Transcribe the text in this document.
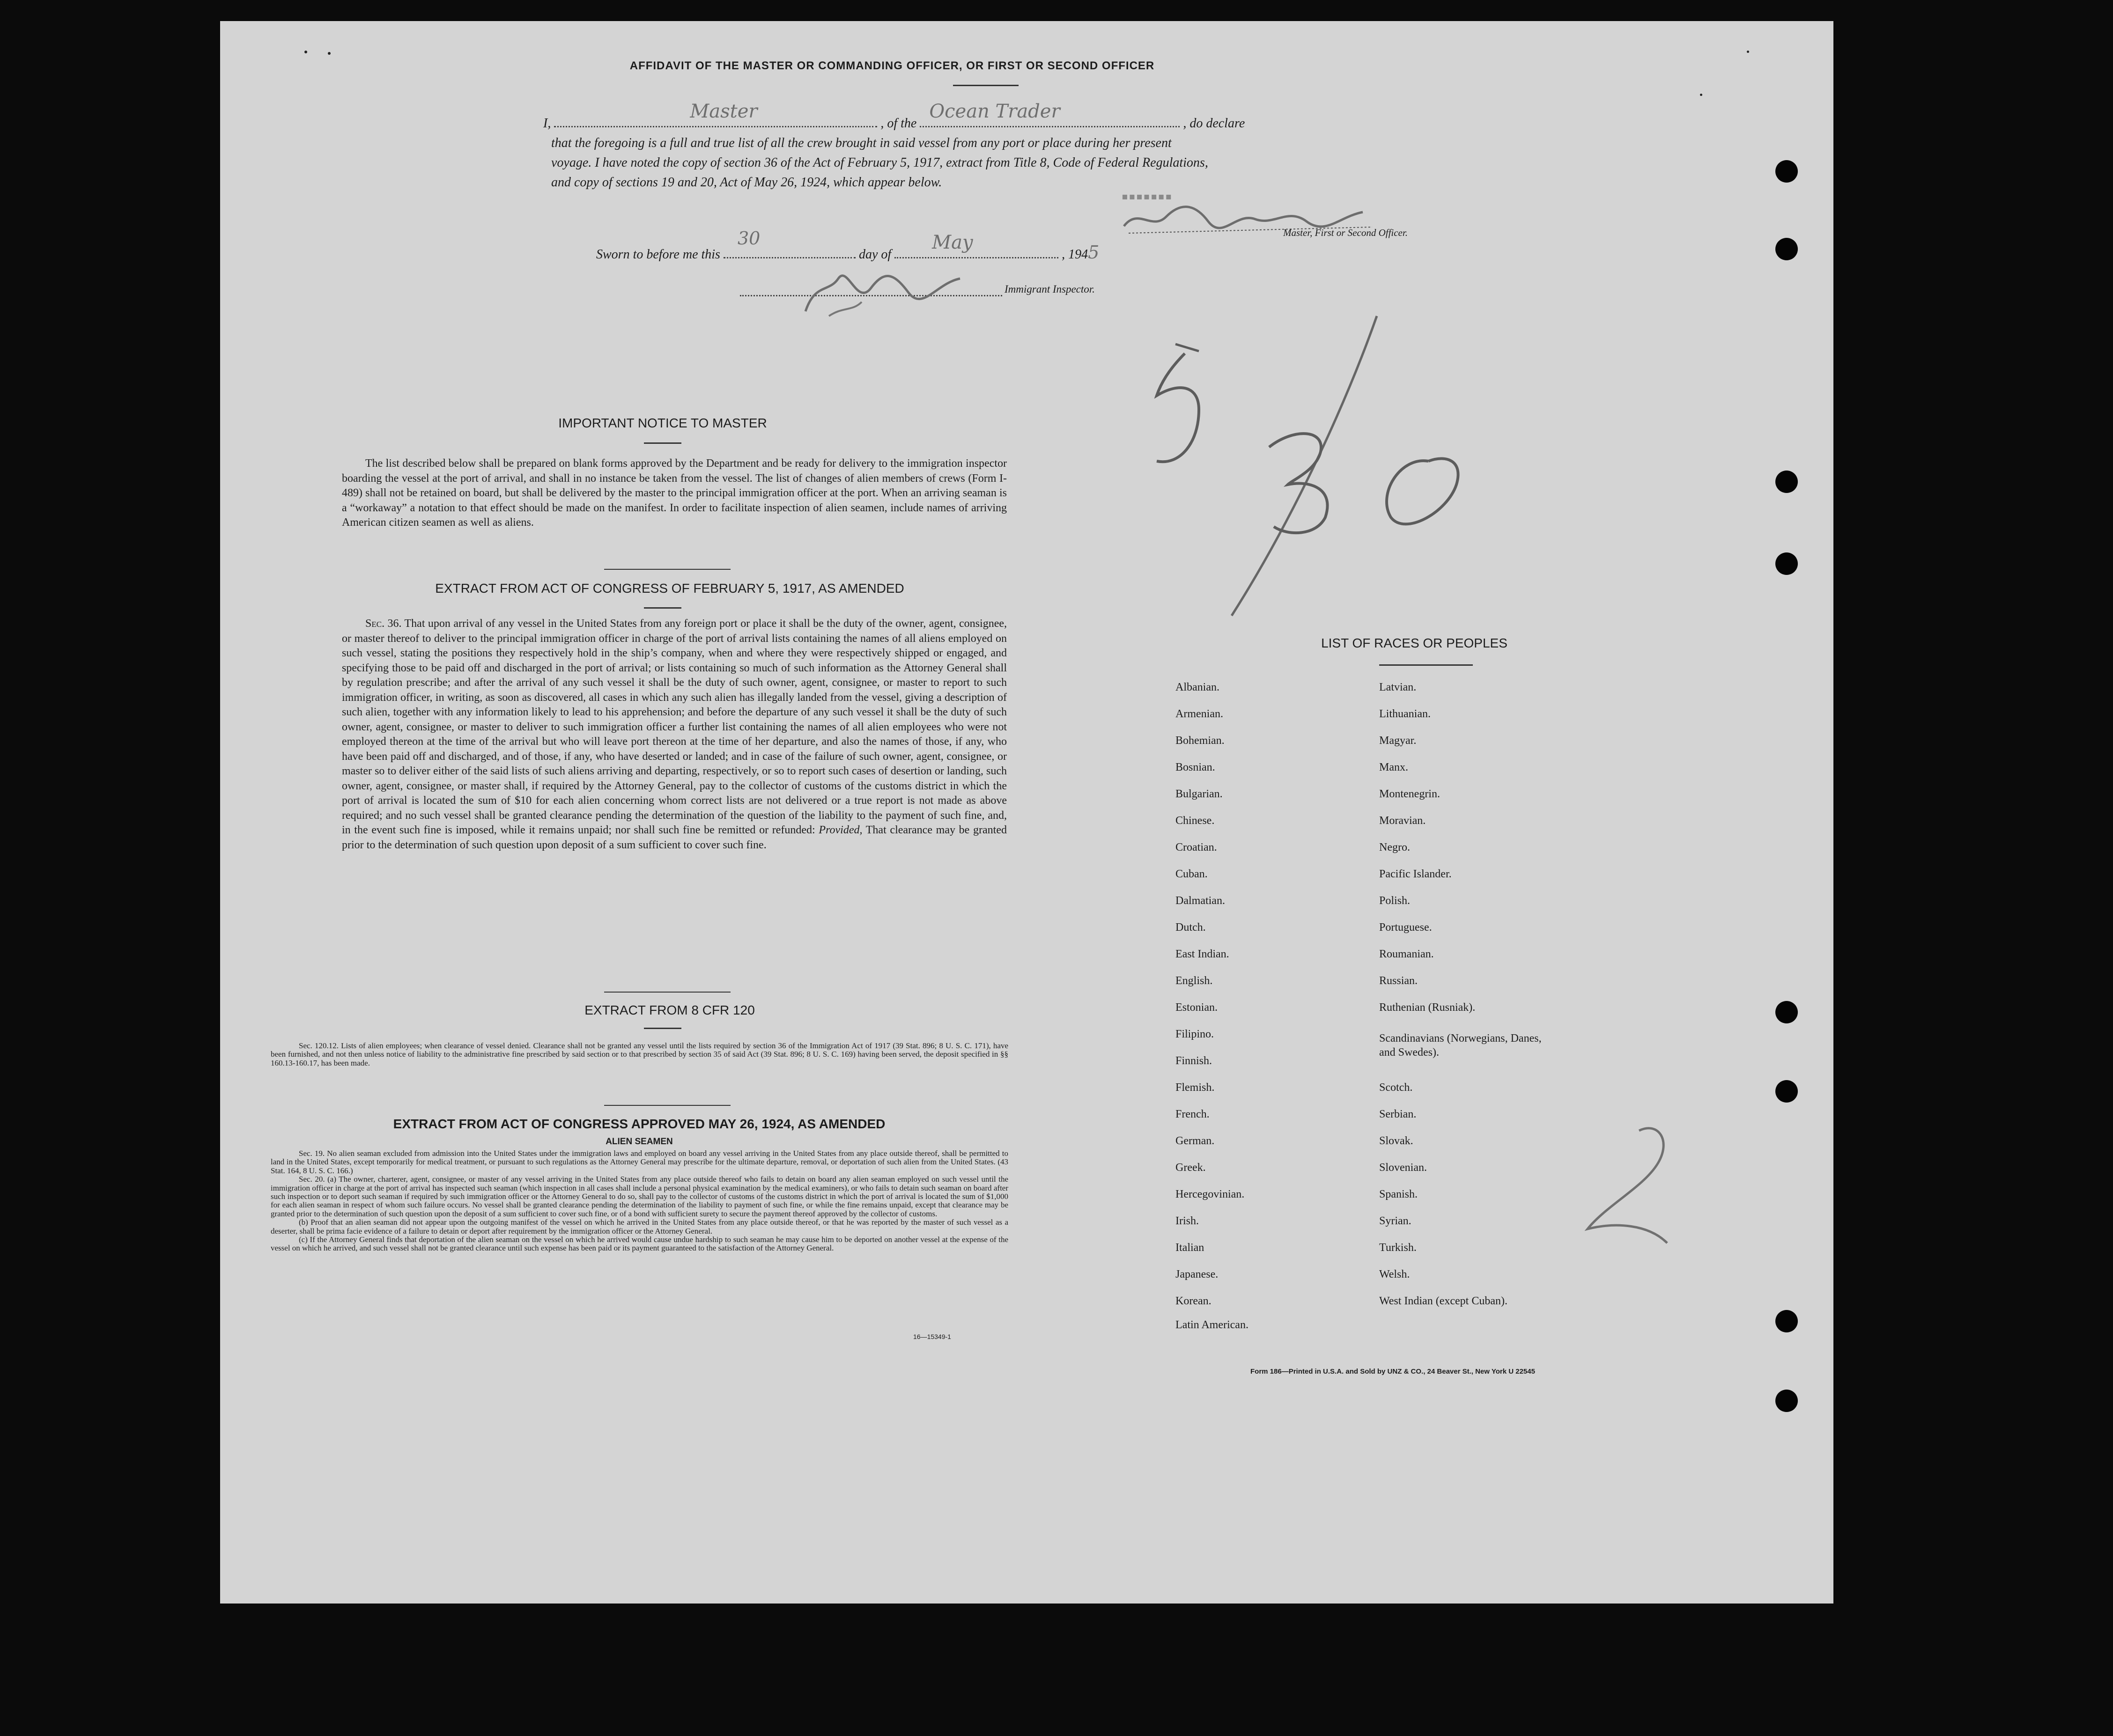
AFFIDAVIT OF THE MASTER OR COMMANDING OFFICER, OR FIRST OR SECOND OFFICER
I,
Master
, of the
Ocean Trader
, do declare
that the foregoing is a full and true list of all the crew brought in said vessel from any port or place during her present
voyage. I have noted the copy of section 36 of the Act of February 5, 1917, extract from Title 8, Code of Federal Regulations,
and copy of sections 19 and 20, Act of May 26, 1924, which appear below.
▪▪▪▪▪▪▪
Master, First or Second Officer.
Sworn to before me this
30
day of
May
, 1945
Immigrant Inspector.
IMPORTANT NOTICE TO MASTER
The list described below shall be prepared on blank forms approved by the Department and be ready for delivery to the immigration inspector boarding the vessel at the port of arrival, and shall in no instance be taken from the vessel. The list of changes of alien members of crews (Form I-489) shall not be retained on board, but shall be delivered by the master to the principal immigration officer at the port. When an arriving seaman is a “workaway” a notation to that effect should be made on the manifest. In order to facilitate inspection of alien seamen, include names of arriving American citizen seamen as well as aliens.
EXTRACT FROM ACT OF CONGRESS OF FEBRUARY 5, 1917, AS AMENDED
Sec. 36. That upon arrival of any vessel in the United States from any foreign port or place it shall be the duty of the owner, agent, consignee, or master thereof to deliver to the principal immigration officer in charge of the port of arrival lists containing the names of all aliens employed on such vessel, stating the positions they respectively hold in the ship’s company, when and where they were respectively shipped or engaged, and specifying those to be paid off and discharged in the port of arrival; or lists containing so much of such information as the Attorney General shall by regulation prescribe; and after the arrival of any such vessel it shall be the duty of such owner, agent, consignee, or master to report to such immigration officer, in writing, as soon as discovered, all cases in which any such alien has illegally landed from the vessel, giving a description of such alien, together with any information likely to lead to his apprehension; and before the departure of any such vessel it shall be the duty of such owner, agent, consignee, or master to deliver to such immigration officer a further list containing the names of all alien employees who were not employed thereon at the time of the arrival but who will leave port thereon at the time of her departure, and also the names of those, if any, who have been paid off and discharged, and of those, if any, who have deserted or landed; and in case of the failure of such owner, agent, consignee, or master so to deliver either of the said lists of such aliens arriving and departing, respectively, or so to report such cases of desertion or landing, such owner, agent, consignee, or master shall, if required by the Attorney General, pay to the collector of customs of the customs district in which the port of arrival is located the sum of $10 for each alien concerning whom correct lists are not delivered or a true report is not made as above required; and no such vessel shall be granted clearance pending the determination of the question of the liability to the payment of such fine, and, in the event such fine is imposed, while it remains unpaid; nor shall such fine be remitted or refunded: Provided, That clearance may be granted prior to the determination of such question upon deposit of a sum sufficient to cover such fine.
EXTRACT FROM 8 CFR 120
Sec. 120.12. Lists of alien employees; when clearance of vessel denied. Clearance shall not be granted any vessel until the lists required by section 36 of the Immigration Act of 1917 (39 Stat. 896; 8 U. S. C. 171), have been furnished, and not then unless notice of liability to the administrative fine prescribed by said section or to that prescribed by section 35 of said Act (39 Stat. 896; 8 U. S. C. 169) having been served, the deposit specified in §§ 160.13-160.17, has been made.
EXTRACT FROM ACT OF CONGRESS APPROVED MAY 26, 1924, AS AMENDED
ALIEN SEAMEN
Sec. 19. No alien seaman excluded from admission into the United States under the immigration laws and employed on board any vessel arriving in the United States from any place outside thereof, shall be permitted to land in the United States, except temporarily for medical treatment, or pursuant to such regulations as the Attorney General may prescribe for the ultimate departure, removal, or deportation of such alien from the United States. (43 Stat. 164, 8 U. S. C. 166.)
Sec. 20. (a) The owner, charterer, agent, consignee, or master of any vessel arriving in the United States from any place outside thereof who fails to detain on board any alien seaman employed on such vessel until the immigration officer in charge at the port of arrival has inspected such seaman (which inspection in all cases shall include a personal physical examination by the medical examiners), or who fails to detain such seaman on board after such inspection or to deport such seaman if required by such immigration officer or the Attorney General to do so, shall pay to the collector of customs of the customs district in which the port of arrival is located the sum of $1,000 for each alien seaman in respect of whom such failure occurs. No vessel shall be granted clearance pending the determination of the liability to payment of such fine, or while the fine remains unpaid, except that clearance may be granted prior to the determination of such question upon the deposit of a sum sufficient to cover such fine, or of a bond with sufficient surety to secure the payment thereof approved by the collector of customs.
(b) Proof that an alien seaman did not appear upon the outgoing manifest of the vessel on which he arrived in the United States from any place outside thereof, or that he was reported by the master of such vessel as a deserter, shall be prima facie evidence of a failure to detain or deport after requirement by the immigration officer or the Attorney General.
(c) If the Attorney General finds that deportation of the alien seaman on the vessel on which he arrived would cause undue hardship to such seaman he may cause him to be deported on another vessel at the expense of the vessel on which he arrived, and such vessel shall not be granted clearance until such expense has been paid or its payment guaranteed to the satisfaction of the Attorney General.
16—15349-1
LIST OF RACES OR PEOPLES
Albanian.
Armenian.
Bohemian.
Bosnian.
Bulgarian.
Chinese.
Croatian.
Cuban.
Dalmatian.
Dutch.
East Indian.
English.
Estonian.
Filipino.
Finnish.
Flemish.
French.
German.
Greek.
Hercegovinian.
Irish.
Italian
Japanese.
Korean.
Latin American.
Latvian.
Lithuanian.
Magyar.
Manx.
Montenegrin.
Moravian.
Negro.
Pacific Islander.
Polish.
Portuguese.
Roumanian.
Russian.
Ruthenian (Rusniak).
Scandinavians (Norwegians, Danes, and Swedes).
Scotch.
Serbian.
Slovak.
Slovenian.
Spanish.
Syrian.
Turkish.
Welsh.
West Indian (except Cuban).
Form 186—Printed in U.S.A. and Sold by UNZ & CO., 24 Beaver St., New York U 22545
